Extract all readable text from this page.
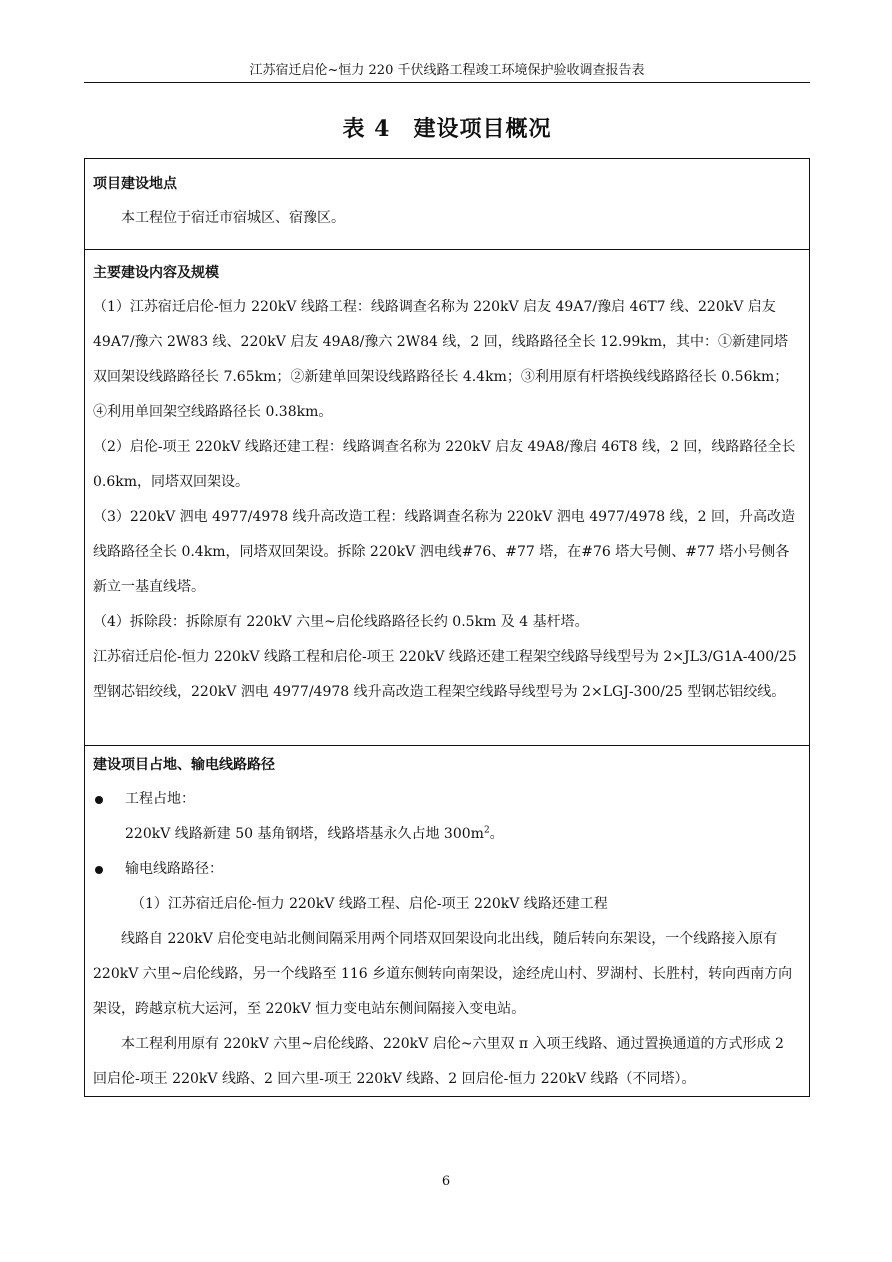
江苏宿迁启伦~恒力 220 千伏线路工程竣工环境保护验收调查报告表
表 4　建设项目概况
项目建设地点
本工程位于宿迁市宿城区、宿豫区。
主要建设内容及规模
（1）江苏宿迁启伦-恒力 220kV 线路工程：线路调查名称为 220kV 启友 49A7/豫启 46T7 线、220kV 启友 49A7/豫六 2W83 线、220kV 启友 49A8/豫六 2W84 线，2 回，线路路径全长 12.99km，其中：①新建同塔双回架设线路路径长 7.65km；②新建单回架设线路路径长 4.4km；③利用原有杆塔换线线路路径长 0.56km；④利用单回架空线路路径长 0.38km。
（2）启伦-项王 220kV 线路还建工程：线路调查名称为 220kV 启友 49A8/豫启 46T8 线，2 回，线路路径全长 0.6km，同塔双回架设。
（3）220kV 泗电 4977/4978 线升高改造工程：线路调查名称为 220kV 泗电 4977/4978 线，2 回，升高改造线路路径全长 0.4km，同塔双回架设。拆除 220kV 泗电线#76、#77 塔，在#76 塔大号侧、#77 塔小号侧各新立一基直线塔。
（4）拆除段：拆除原有 220kV 六里~启伦线路路径长约 0.5km 及 4 基杆塔。
江苏宿迁启伦-恒力 220kV 线路工程和启伦-项王 220kV 线路还建工程架空线路导线型号为 2×JL3/G1A-400/25 型钢芯铝绞线，220kV 泗电 4977/4978 线升高改造工程架空线路导线型号为 2×LGJ-300/25 型钢芯铝绞线。
建设项目占地、输电线路路径
工程占地：
220kV 线路新建 50 基角钢塔，线路塔基永久占地 $300m^2$。
输电线路路径：
（1）江苏宿迁启伦-恒力 220kV 线路工程、启伦-项王 220kV 线路还建工程
线路自 220kV 启伦变电站北侧间隔采用两个同塔双回架设向北出线，随后转向东架设，一个线路接入原有 220kV 六里~启伦线路，另一个线路至 116 乡道东侧转向南架设，途经虎山村、罗湖村、长胜村，转向西南方向架设，跨越京杭大运河，至 220kV 恒力变电站东侧间隔接入变电站。
本工程利用原有 220kV 六里~启伦线路、220kV 启伦~六里双 π 入项王线路、通过置换通道的方式形成 2 回启伦-项王 220kV 线路、2 回六里-项王 220kV 线路、2 回启伦-恒力 220kV 线路（不同塔）。
6
